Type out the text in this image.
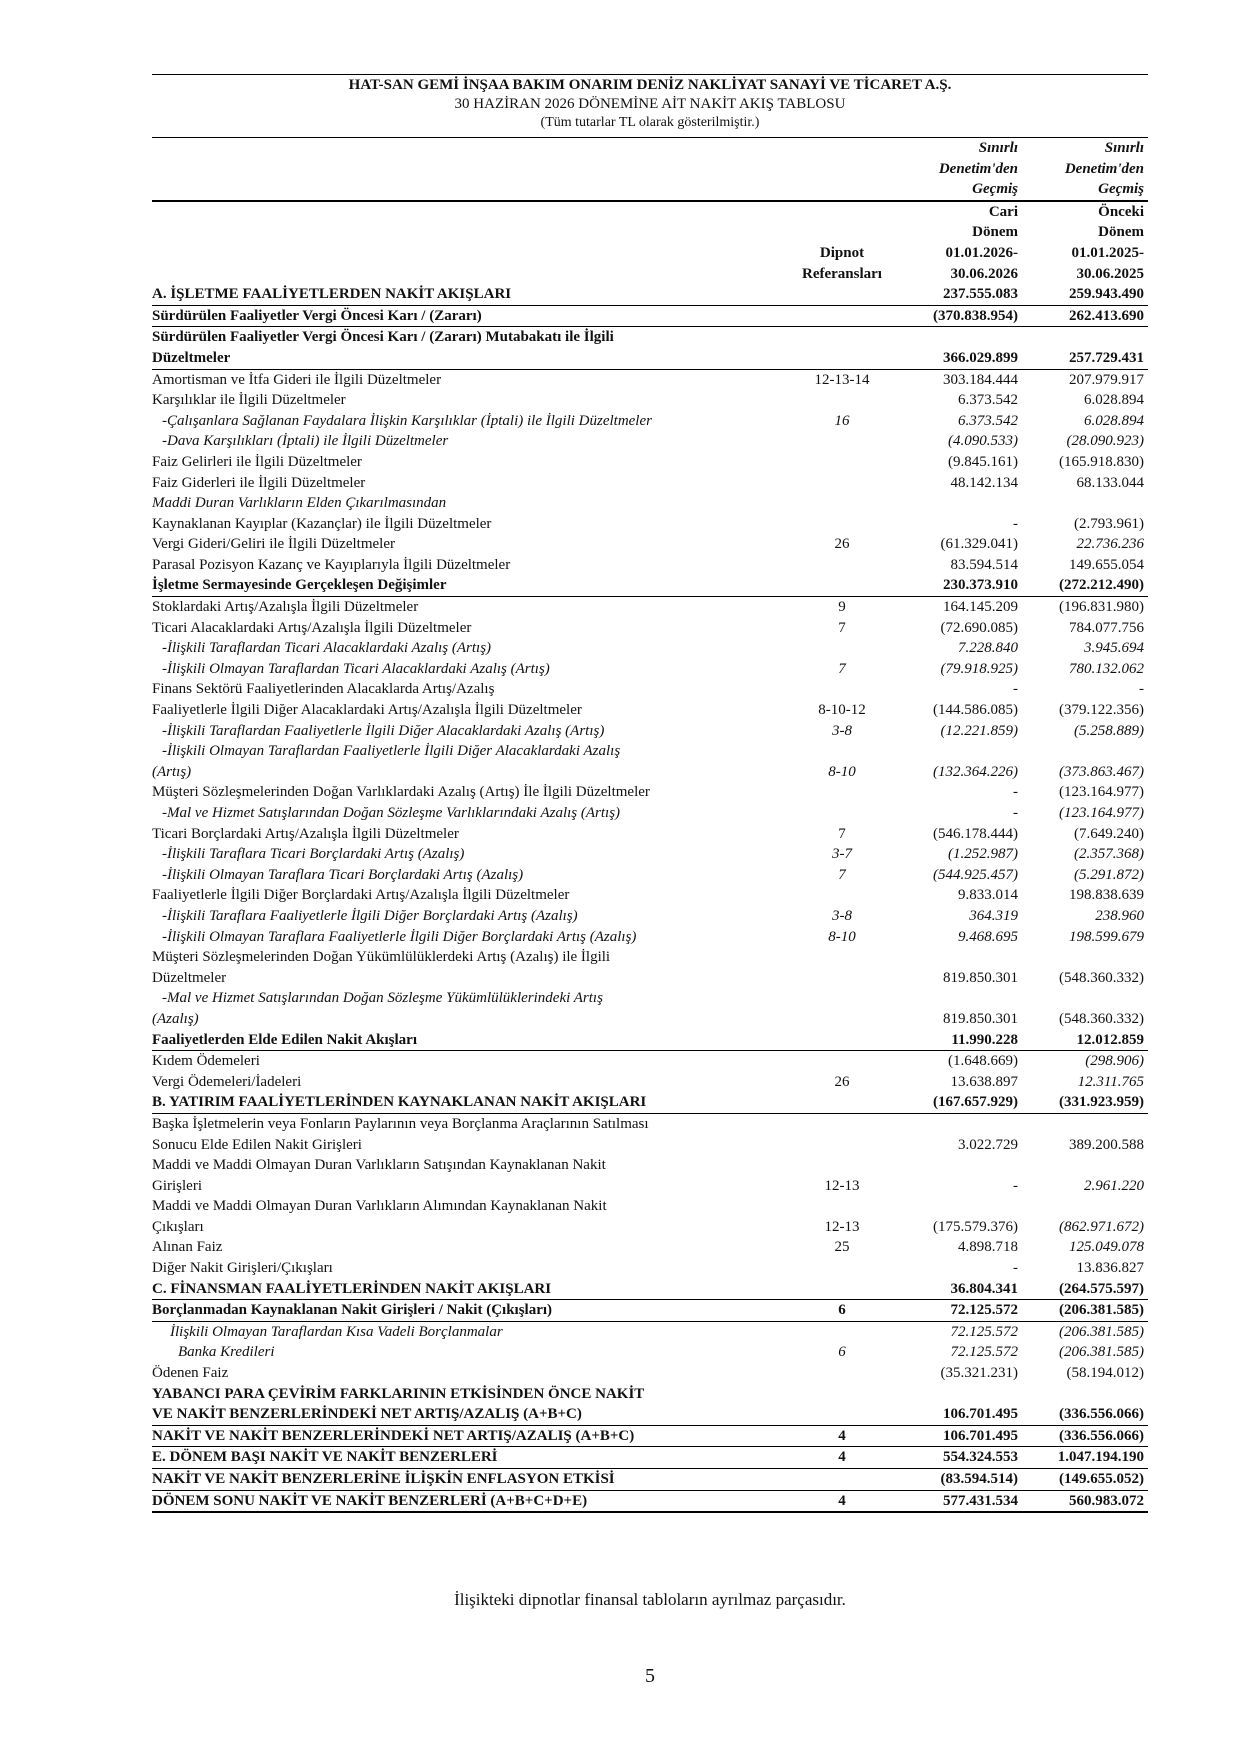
HAT-SAN GEMİ İNŞAA BAKIM ONARIM DENİZ NAKLİYAT SANAYİ VE TİCARET A.Ş.
30 HAZİRAN 2026 DÖNEMİNE AİT NAKİT AKIŞ TABLOSU
(Tüm tutarlar TL olarak gösterilmiştir.)
		Sınırlı	Sınırlı
		Denetim'den	Denetim'den
		Geçmiş	Geçmiş
		Cari	Önceki
		Dönem	Dönem
	Dipnot	01.01.2026-	01.01.2025-
	Referansları	30.06.2026	30.06.2025
A. İŞLETME FAALİYETLERDEN NAKİT AKIŞLARI		237.555.083	259.943.490
Sürdürülen Faaliyetler Vergi Öncesi Karı / (Zararı)		(370.838.954)	262.413.690
Sürdürülen Faaliyetler Vergi Öncesi Karı / (Zararı) Mutabakatı ile İlgili			
Düzeltmeler		366.029.899	257.729.431
Amortisman ve İtfa Gideri ile İlgili Düzeltmeler	12-13-14	303.184.444	207.979.917
Karşılıklar ile İlgili Düzeltmeler		6.373.542	6.028.894
-Çalışanlara Sağlanan Faydalara İlişkin Karşılıklar (İptali) ile İlgili Düzeltmeler	16	6.373.542	6.028.894
-Dava Karşılıkları (İptali) ile İlgili Düzeltmeler		(4.090.533)	(28.090.923)
Faiz Gelirleri ile İlgili Düzeltmeler		(9.845.161)	(165.918.830)
Faiz Giderleri ile İlgili Düzeltmeler		48.142.134	68.133.044
Maddi Duran Varlıkların Elden Çıkarılmasından			
Kaynaklanan Kayıplar (Kazançlar) ile İlgili Düzeltmeler		-	(2.793.961)
Vergi Gideri/Geliri ile İlgili Düzeltmeler	26	(61.329.041)	22.736.236
Parasal Pozisyon Kazanç ve Kayıplarıyla İlgili Düzeltmeler		83.594.514	149.655.054
İşletme Sermayesinde Gerçekleşen Değişimler		230.373.910	(272.212.490)
Stoklardaki Artış/Azalışla İlgili Düzeltmeler	9	164.145.209	(196.831.980)
Ticari Alacaklardaki Artış/Azalışla İlgili Düzeltmeler	7	(72.690.085)	784.077.756
-İlişkili Taraflardan Ticari Alacaklardaki Azalış (Artış)		7.228.840	3.945.694
-İlişkili Olmayan Taraflardan Ticari Alacaklardaki Azalış (Artış)	7	(79.918.925)	780.132.062
Finans Sektörü Faaliyetlerinden Alacaklarda Artış/Azalış		-	-
Faaliyetlerle İlgili Diğer Alacaklardaki Artış/Azalışla İlgili Düzeltmeler	8-10-12	(144.586.085)	(379.122.356)
-İlişkili Taraflardan Faaliyetlerle İlgili Diğer Alacaklardaki Azalış (Artış)	3-8	(12.221.859)	(5.258.889)
-İlişkili Olmayan Taraflardan Faaliyetlerle İlgili Diğer Alacaklardaki Azalış			
(Artış)	8-10	(132.364.226)	(373.863.467)
Müşteri Sözleşmelerinden Doğan Varlıklardaki Azalış (Artış) İle İlgili Düzeltmeler		-	(123.164.977)
-Mal ve Hizmet Satışlarından Doğan Sözleşme Varlıklarındaki Azalış (Artış)		-	(123.164.977)
Ticari Borçlardaki Artış/Azalışla İlgili Düzeltmeler	7	(546.178.444)	(7.649.240)
-İlişkili Taraflara Ticari Borçlardaki Artış (Azalış)	3-7	(1.252.987)	(2.357.368)
-İlişkili Olmayan Taraflara Ticari Borçlardaki Artış (Azalış)	7	(544.925.457)	(5.291.872)
Faaliyetlerle İlgili Diğer Borçlardaki Artış/Azalışla İlgili Düzeltmeler		9.833.014	198.838.639
-İlişkili Taraflara Faaliyetlerle İlgili Diğer Borçlardaki Artış (Azalış)	3-8	364.319	238.960
-İlişkili Olmayan Taraflara Faaliyetlerle İlgili Diğer Borçlardaki Artış (Azalış)	8-10	9.468.695	198.599.679
Müşteri Sözleşmelerinden Doğan Yükümlülüklerdeki Artış (Azalış) ile İlgili			
Düzeltmeler		819.850.301	(548.360.332)
-Mal ve Hizmet Satışlarından Doğan Sözleşme Yükümlülüklerindeki Artış			
(Azalış)		819.850.301	(548.360.332)
Faaliyetlerden Elde Edilen Nakit Akışları		11.990.228	12.012.859
Kıdem Ödemeleri		(1.648.669)	(298.906)
Vergi Ödemeleri/İadeleri	26	13.638.897	12.311.765
B. YATIRIM FAALİYETLERİNDEN KAYNAKLANAN NAKİT AKIŞLARI		(167.657.929)	(331.923.959)
Başka İşletmelerin veya Fonların Paylarının veya Borçlanma Araçlarının Satılması			
Sonucu Elde Edilen Nakit Girişleri		3.022.729	389.200.588
Maddi ve Maddi Olmayan Duran Varlıkların Satışından Kaynaklanan Nakit			
Girişleri	12-13	-	2.961.220
Maddi ve Maddi Olmayan Duran Varlıkların Alımından Kaynaklanan Nakit			
Çıkışları	12-13	(175.579.376)	(862.971.672)
Alınan Faiz	25	4.898.718	125.049.078
Diğer Nakit Girişleri/Çıkışları		-	13.836.827
C. FİNANSMAN FAALİYETLERİNDEN NAKİT AKIŞLARI		36.804.341	(264.575.597)
Borçlanmadan Kaynaklanan Nakit Girişleri / Nakit (Çıkışları)	6	72.125.572	(206.381.585)
İlişkili Olmayan Taraflardan Kısa Vadeli Borçlanmalar		72.125.572	(206.381.585)
Banka Kredileri	6	72.125.572	(206.381.585)
Ödenen Faiz		(35.321.231)	(58.194.012)
YABANCI PARA ÇEVİRİM FARKLARININ ETKİSİNDEN ÖNCE NAKİT			
VE NAKİT BENZERLERİNDEKİ NET ARTIŞ/AZALIŞ (A+B+C)		106.701.495	(336.556.066)
NAKİT VE NAKİT BENZERLERİNDEKİ NET ARTIŞ/AZALIŞ (A+B+C)	4	106.701.495	(336.556.066)
E. DÖNEM BAŞI NAKİT VE NAKİT BENZERLERİ	4	554.324.553	1.047.194.190
NAKİT VE NAKİT BENZERLERİNE İLİŞKİN ENFLASYON ETKİSİ		(83.594.514)	(149.655.052)
DÖNEM SONU NAKİT VE NAKİT BENZERLERİ (A+B+C+D+E)	4	577.431.534	560.983.072
İlişikteki dipnotlar finansal tabloların ayrılmaz parçasıdır.
5
